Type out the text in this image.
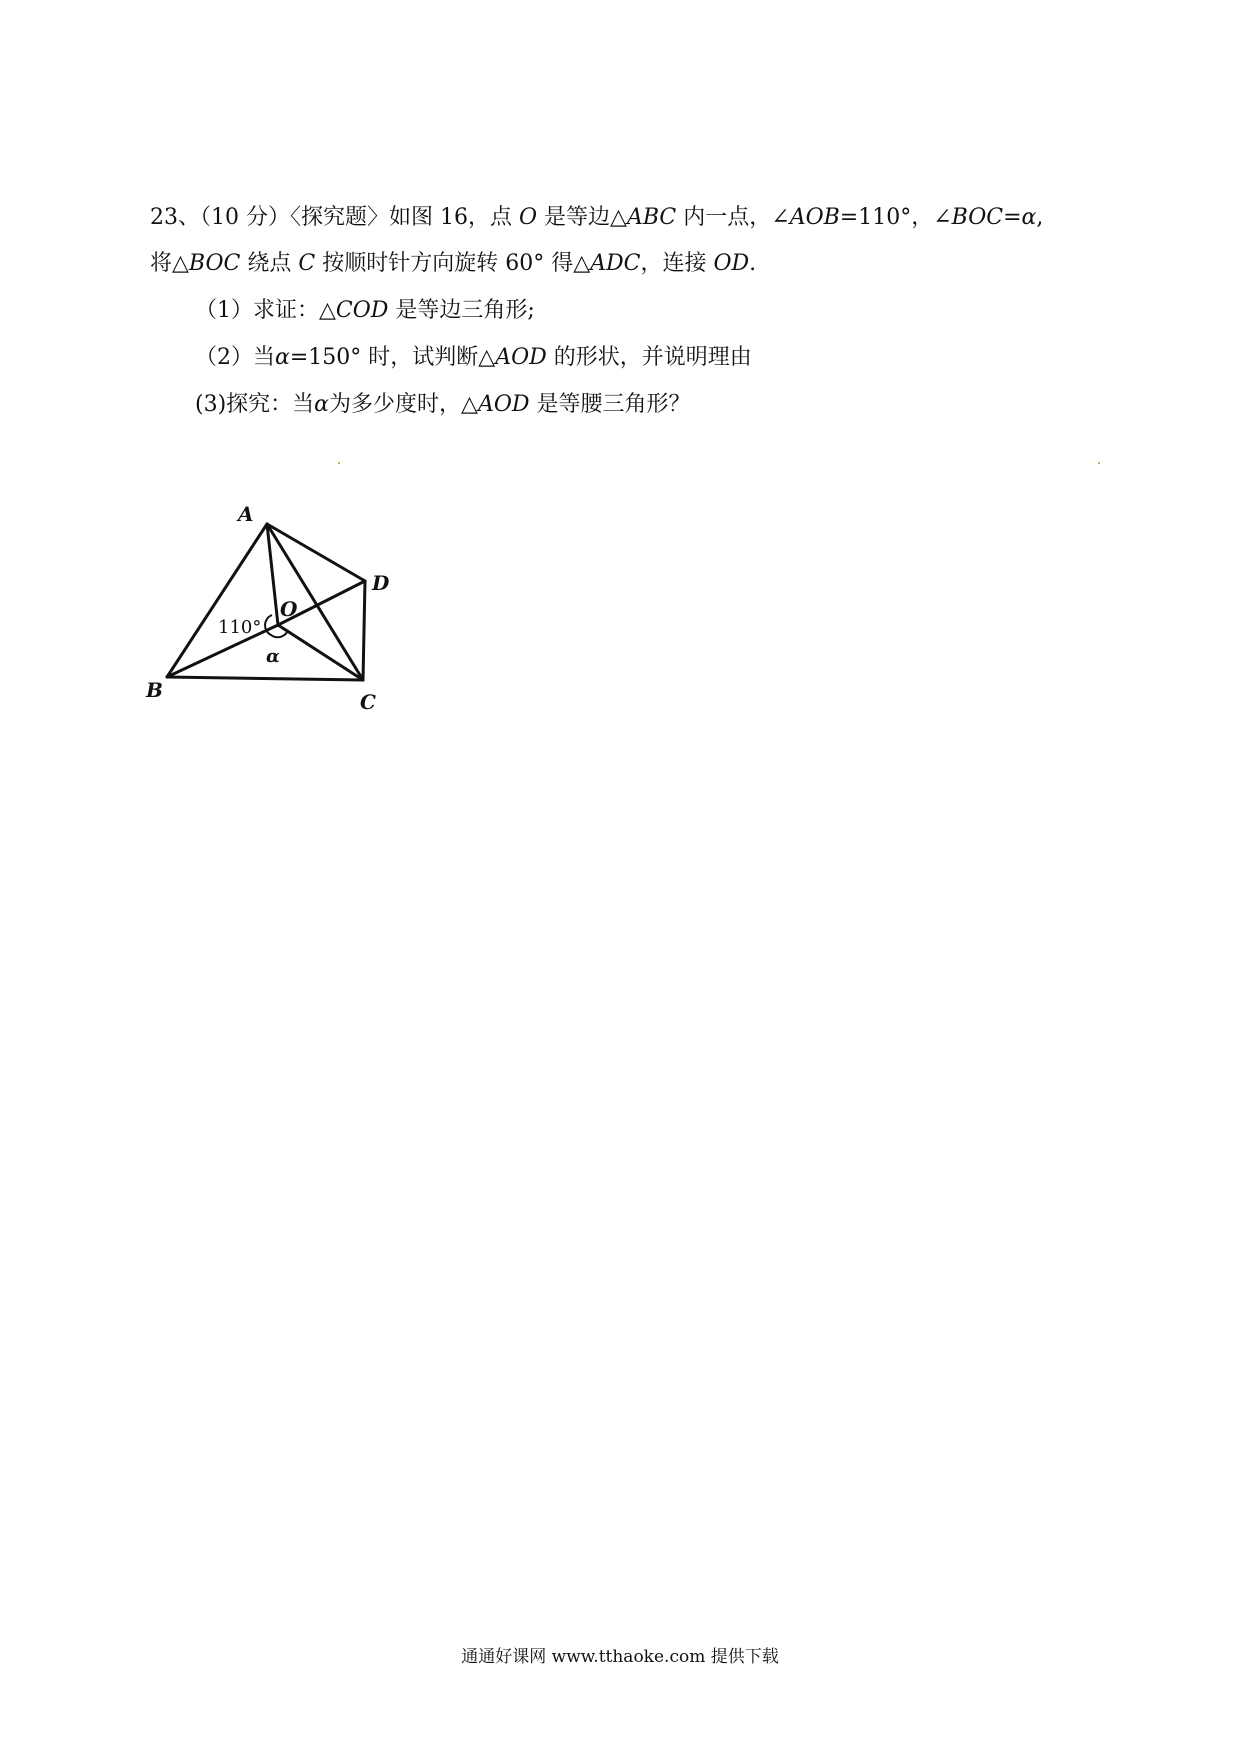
23、（10 分）〈探究题〉如图 16，点 O 是等边△ABC 内一点，∠AOB=110°，∠BOC=α,
将△BOC 绕点 C 按顺时针方向旋转 60° 得△ADC，连接 OD.
（1）求证：△COD 是等边三角形;
（2）当α=150° 时，试判断△AOD 的形状，并说明理由
(3)探究：当α为多少度时，△AOD 是等腰三角形？
A
B	C
D
O
110°
α
通通好课网 www.tthaoke.com 提供下载
